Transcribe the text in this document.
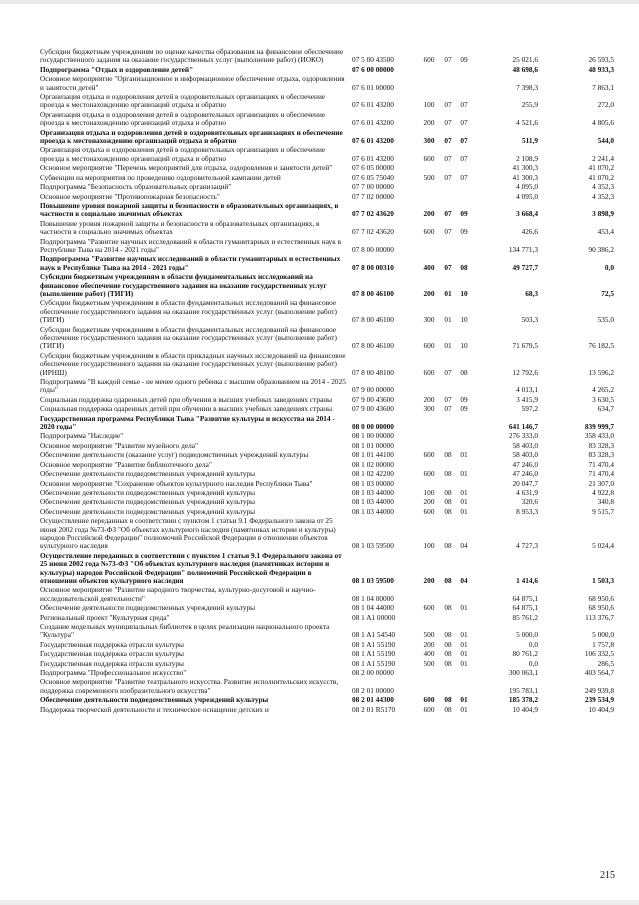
Субсидии бюджетным учреждениям по оценке качества образования на финансовое обеспечение государственного задания на оказание государственных услуг (выполнение работ) (ИОКО)	07 5 00 43500	600	07	09	25 021,6	26 593,5
Подпрограмма "Отдых и оздоровление детей"	07 6 00 00000	48 698,6	48 933,3
Основное мероприятие "Организационное и информационное обеспечение отдыха, оздоровления и занятости детей"	07 6 01 00000	7 398,3	7 863,1
Организация отдыха и оздоровления детей в оздоровительных организациях и обеспечение проезда к местонахождению организаций отдыха и обратно	07 6 01 43200	100	07	07	255,9	272,0
Организация отдыха и оздоровления детей в оздоровительных организациях и обеспечение проезда к местонахождению организаций отдыха и обратно	07 6 01 43200	200	07	07	4 521,6	4 805,6
Организация отдыха и оздоровления детей в оздоровительных организациях и обеспечение проезда к местонахождению организаций отдыха и обратно	07 6 01 43200	300	07	07	511,9	544,0
Организация отдыха и оздоровления детей в оздоровительных организациях и обеспечение проезда к местонахождению организаций отдыха и обратно	07 6 01 43200	600	07	07	2 108,9	2 241,4
Основное мероприятие "Перечень мероприятий для отдыха, оздоровления и занятости детей"	07 6 05 00000	41 300,3	41 070,2
Субвенции на мероприятия по проведению оздоровительной кампании детей	07 6 05 75040	500	07	07	41 300,3	41 070,2
Подпрограмма "Безопасность образовательных организаций"	07 7 00 00000	4 095,0	4 352,3
Основное мероприятие "Противопожарная безопасность"	07 7 02 00000	4 095,0	4 352,3
Повышение уровня пожарной защиты и безопасности в образовательных организациях, в частности в социально значимых объектах	07 7 02 43620	200	07	09	3 668,4	3 898,9
Повышение уровня пожарной защиты и безопасности в образовательных организациях, в частности в социально значимых объектах	07 7 02 43620	600	07	09	426,6	453,4
Подпрограмма "Развитие научных исследований в области гуманитарных и естественных наук в Республике Тыва на 2014 - 2021 годы"	07 8 00 00000	134 771,3	90 386,2
Подпрограмма "Развитие научных исследований в области гуманитарных и естественных наук в Республике Тыва на 2014 - 2021 годы"	07 8 00 00310	400	07	08	49 727,7	0,0
Субсидии бюджетным учреждениям в области фундаментальных исследований на финансовое обеспечение государственного задания на оказание государственных услуг (выполнение работ) (ТИГИ)	07 8 00 46100	200	01	10	68,3	72,5
Субсидии бюджетным учреждениям в области фундаментальных исследований на финансовое обеспечение государственного задания на оказание государственных услуг (выполнение работ) (ТИГИ)	07 8 00 46100	300	01	10	503,3	535,0
Субсидии бюджетным учреждениям в области фундаментальных исследований на финансовое обеспечение государственного задания на оказание государственных услуг (выполнение работ) (ТИГИ)	07 8 00 46100	600	01	10	71 679,5	76 182,5
Субсидии бюджетным учреждениям в области прикладных научных исследований на финансовое обеспечение государственного задания на оказание государственных услуг (выполнение работ) (ИРНШ)	07 8 00 48100	600	07	08	12 792,6	13 596,2
Подпрограмма "В каждой семье - не менее одного ребенка с высшим образованием на 2014 - 2025 годы"	07 9 00 00000	4 013,1	4 265,2
Социальная поддержка одаренных детей при обучении в высших учебных заведениях страны	07 9 00 43600	200	07	09	3 415,9	3 630,5
Социальная поддержка одаренных детей при обучении в высших учебных заведениях страны	07 9 00 43600	300	07	09	597,2	634,7
Государственная программа Республики Тыва "Развитие культуры и искусства на 2014 - 2020 годы"	08 0 00 00000	641 146,7	839 999,7
Подпрограмма "Наследие"	08 1 00 00000	276 333,0	358 433,0
Основное мероприятие "Развитие музейного дела"	08 1 01 00000	58 403,0	83 328,3
Обеспечение деятельности (оказание услуг) подведомственных учреждений культуры	08 1 01 44100	600	08	01	58 403,0	83 328,3
Основное мероприятие "Развитие библиотечного дела"	08 1 02 00000	47 246,0	71 470,4
Обеспечение деятельности подведомственных учреждений культуры	08 1 02 42200	600	08	01	47 246,0	71 470,4
Основное мероприятие "Сохранение объектов культурного наследия Республики Тыва"	08 1 03 00000	20 047,7	21 307,0
Обеспечение деятельности подведомственных учреждений культуры	08 1 03 44000	100	08	01	4 631,9	4 922,8
Обеспечение деятельности подведомственных учреждений культуры	08 1 03 44000	200	08	01	320,6	340,8
Обеспечение деятельности подведомственных учреждений культуры	08 1 03 44000	600	08	01	8 953,3	9 515,7
Осуществление переданных в соответствии с пунктом 1 статьи 9.1 Федерального закона от 25 июня 2002 года №73-ФЗ "Об объектах культурного наследия (памятниках истории и культуры) народов Российской Федерации" полномочий Российской Федерации в отношении объектов культурного наследия	08 1 03 59500	100	08	04	4 727,3	5 024,4
Осуществление переданных в соответствии с пунктом 1 статьи 9.1 Федерального закона от 25 июня 2002 года №73-ФЗ "Об объектах культурного наследия (памятниках истории и культуры) народов Российской Федерации" полномочий Российской Федерации в отношении объектов культурного наследия	08 1 03 59500	200	08	04	1 414,6	1 503,3
Основное мероприятие "Развитие народного творчества, культурно-досуговой и научно-исследовательской деятельности"	08 1 04 00000	64 875,1	68 950,6
Обеспечение деятельности подведомственных учреждений культуры	08 1 04 44000	600	08	01	64 875,1	68 950,6
Региональный проект "Культурная среда"	08 1 A1 00000	85 761,2	113 376,7
Создание модельных муниципальных библиотек в целях реализации национального проекта "Культура"	08 1 A1 54540	500	08	01	5 000,0	5 000,0
Государственная поддержка отрасли культуры	08 1 A1 55190	200	08	01	0,0	1 757,8
Государственная поддержка отрасли культуры	08 1 A1 55190	400	08	01	80 761,2	106 332,5
Государственная поддержка отрасли культуры	08 1 A1 55190	500	08	01	0,0	286,5
Подпрограмма "Профессиональное искусство"	08 2 00 00000	300 063,1	403 564,7
Основное мероприятие "Развитие театрального искусства. Развитие исполнительских искусств, поддержка современного изобразительного искусства"	08 2 01 00000	195 783,1	249 939,8
Обеспечение деятельности подведомственных учреждений культуры	08 2 01 44300	600	08	01	185 378,2	239 534,9
Поддержка творческой деятельности и техническое оснащение детских и	08 2 01 R5170	600	08	01	10 404,9	10 404,9
215
